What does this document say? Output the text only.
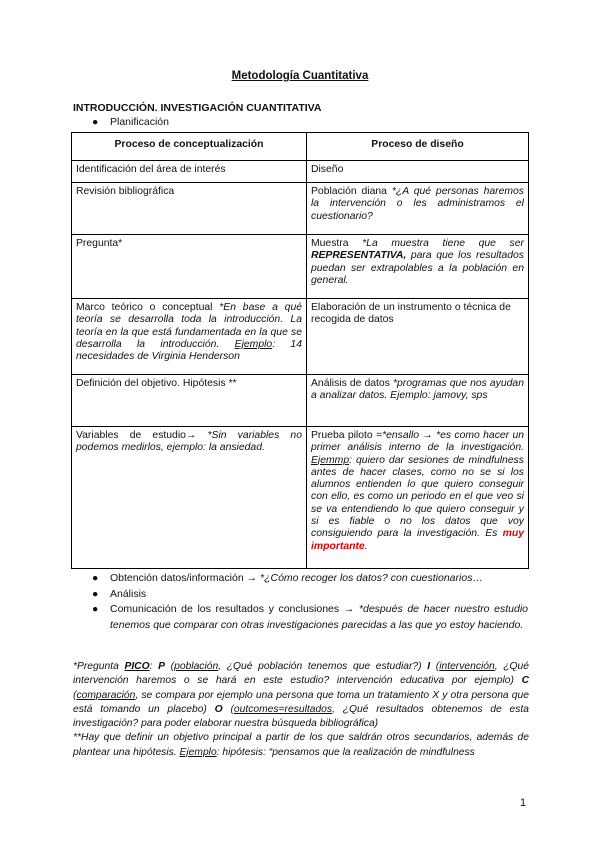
Metodología Cuantitativa
INTRODUCCIÓN. INVESTIGACIÓN CUANTITATIVA
● Planificación
Proceso de conceptualización	Proceso de diseño
Identificación del área de interés	Diseño
Revisión bibliográfica	Población diana *¿A qué personas haremos la intervención o les administramos el cuestionario?
Pregunta*	Muestra *La muestra tiene que ser REPRESENTATIVA, para que los resultados puedan ser extrapolables a la población en general.
Marco teórico o conceptual *En base a qué teoría se desarrolla toda la introducción. La teoría en la que está fundamentada en la que se desarrolla la introducción. Ejemplo: 14 necesidades de Virginia Henderson	Elaboración de un instrumento o técnica de recogida de datos
Definición del objetivo. Hipótesis **	Análisis de datos *programas que nos ayudan a analizar datos. Ejemplo: jamovy, sps
Variables de estudio→ *Sin variables no podemos medirlos, ejemplo: la ansiedad.	Prueba piloto =*ensallo → *es como hacer un primer análisis interno de la investigación. Ejemmp: quiero dar sesiones de mindfulness antes de hacer clases, como no se si los alumnos entienden lo que quiero conseguir con ello, es como un periodo en el que veo si se va entendiendo lo que quiero conseguir y si es fiable o no los datos que voy consiguiendo para la investigación. Es muy importante.
● Obtención datos/información → *¿Cómo recoger los datos? con cuestionarios…
● Análisis
● Comunicación de los resultados y conclusiones → *después de hacer nuestro estudio tenemos que comparar con otras investigaciones parecidas a las que yo estoy haciendo.
*Pregunta PICO: P (población, ¿Qué población tenemos que estudiar?) I (intervención, ¿Qué intervención haremos o se hará en este estudio? intervención educativa por ejemplo) C (comparación, se compara por ejemplo una persona que toma un tratamiento X y otra persona que está tomando un placebo) O (outcomes=resultados, ¿Qué resultados obtenemos de esta investigación? para poder elaborar nuestra búsqueda bibliográfica)
**Hay que definir un objetivo principal a partir de los que saldrán otros secundarios, además de plantear una hipótesis. Ejemplo: hipótesis: “pensamos que la realización de mindfulness
1
